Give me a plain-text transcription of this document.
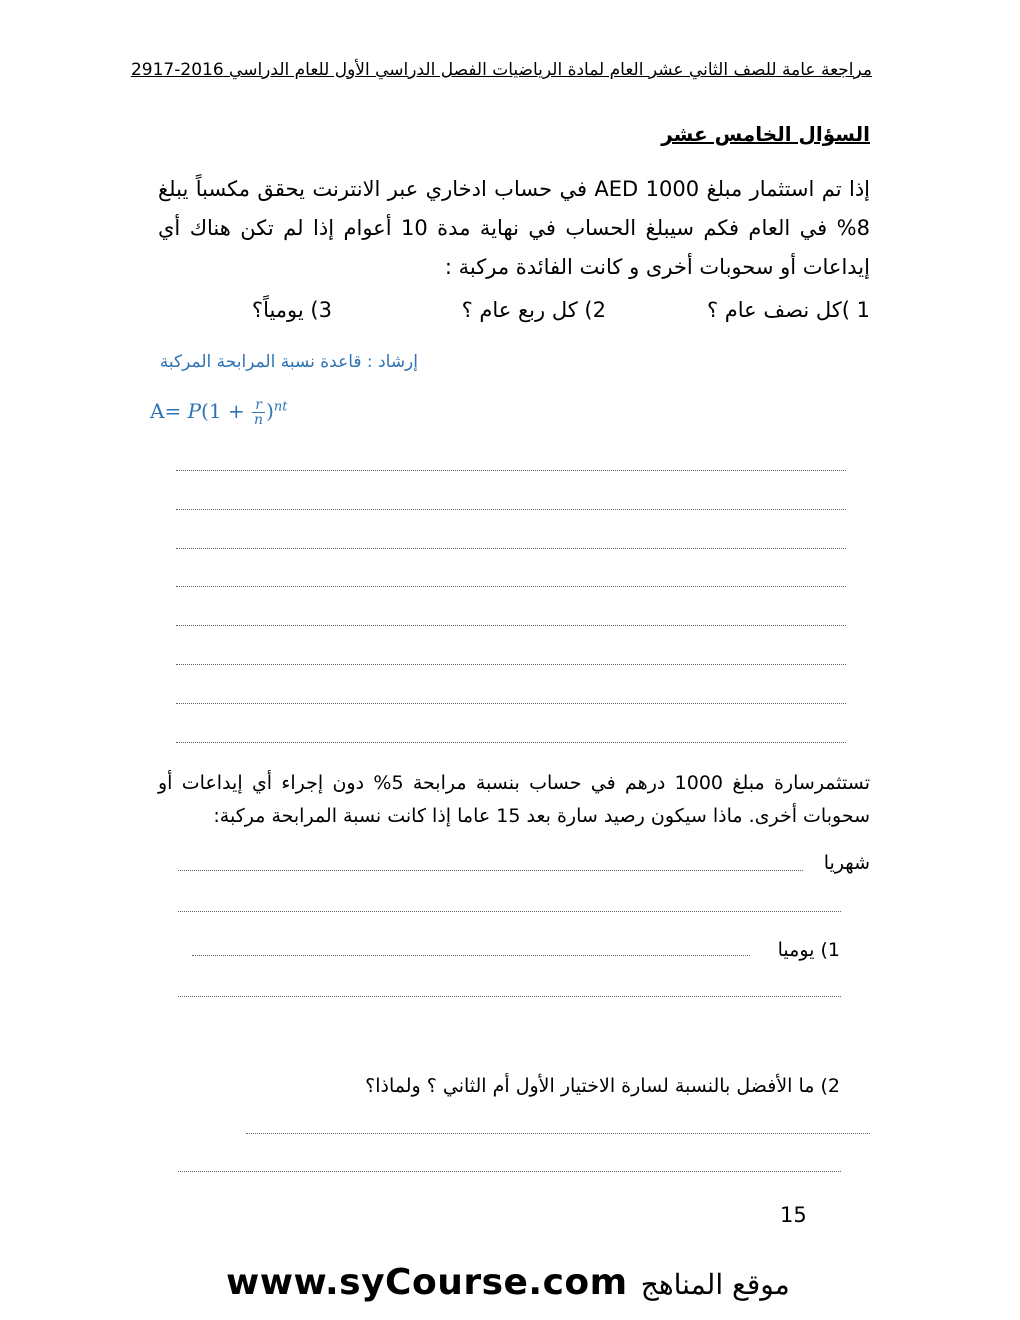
مراجعة عامة للصف الثاني عشر العام لمادة الرياضيات الفصل الدراسي الأول للعام الدراسي 2016-2917
السؤال الخامس عشر
إذا تم استثمار مبلغ 1000 AED في حساب ادخاري عبر الانترنت يحقق مكسباً يبلغ 8% في العام فكم سيبلغ الحساب في نهاية مدة 10 أعوام إذا لم تكن هناك أي إيداعات أو سحوبات أخرى و كانت الفائدة مركبة :
1 )كل نصف عام ؟
2) كل ربع عام ؟
3) يومياً؟
إرشاد : قاعدة نسبة المرابحة المركبة
$A= P(1 + \frac{r}{n} )^{nt}$
تستثمرسارة مبلغ 1000 درهم في حساب بنسبة مرابحة 5% دون إجراء أي إيداعات أو سحوبات أخرى. ماذا سيكون رصيد سارة بعد 15 عاما إذا كانت نسبة المرابحة مركبة:
شهريا
1) يوميا
2) ما الأفضل بالنسبة لسارة الاختيار الأول أم الثاني ؟ ولماذا؟
15
www.syCourse.com موقع المناهج
